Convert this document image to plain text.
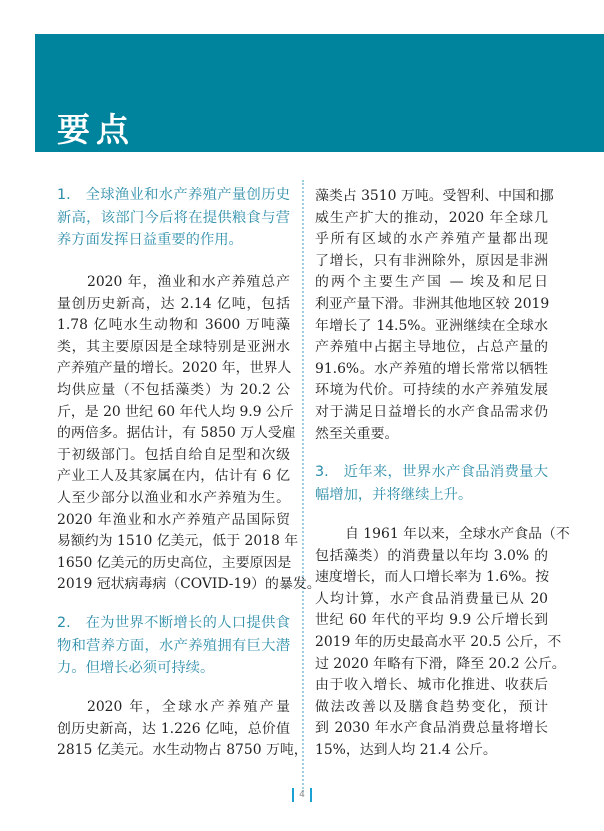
要点
1.　全球渔业和水产养殖产量创历史
新高，该部门今后将在提供粮食与营
养方面发挥日益重要的作用。
2020 年，渔业和水产养殖总产
量创历史新高，达 2.14 亿吨，包括
1.78 亿吨水生动物和 3600 万吨藻
类，其主要原因是全球特别是亚洲水
产养殖产量的增长。2020 年，世界人
均供应量（不包括藻类）为 20.2 公
斤，是 20 世纪 60 年代人均 9.9 公斤
的两倍多。据估计，有 5850 万人受雇
于初级部门。包括自给自足型和次级
产业工人及其家属在内，估计有 6 亿
人至少部分以渔业和水产养殖为生。
2020 年渔业和水产养殖产品国际贸
易额约为 1510 亿美元，低于 2018 年
1650 亿美元的历史高位，主要原因是
2019 冠状病毒病（COVID-19）的暴发。
2.　在为世界不断增长的人口提供食
物和营养方面，水产养殖拥有巨大潜
力。但增长必须可持续。
2020 年，全球水产养殖产量
创历史新高，达 1.226 亿吨，总价值
2815 亿美元。水生动物占 8750 万吨，
藻类占 3510 万吨。受智利、中国和挪
威生产扩大的推动，2020 年全球几
乎所有区域的水产养殖产量都出现
了增长，只有非洲除外，原因是非洲
的两个主要生产国 — 埃及和尼日
利亚产量下滑。非洲其他地区较 2019
年增长了 14.5%。亚洲继续在全球水
产养殖中占据主导地位，占总产量的
91.6%。水产养殖的增长常常以牺牲
环境为代价。可持续的水产养殖发展
对于满足日益增长的水产食品需求仍
然至关重要。
3.　近年来，世界水产食品消费量大
幅增加，并将继续上升。
自 1961 年以来，全球水产食品（不
包括藻类）的消费量以年均 3.0% 的
速度增长，而人口增长率为 1.6%。按
人均计算，水产食品消费量已从 20
世纪 60 年代的平均 9.9 公斤增长到
2019 年的历史最高水平 20.5 公斤，不
过 2020 年略有下滑，降至 20.2 公斤。
由于收入增长、城市化推进、收获后
做法改善以及膳食趋势变化，预计
到 2030 年水产食品消费总量将增长
15%，达到人均 21.4 公斤。
4
